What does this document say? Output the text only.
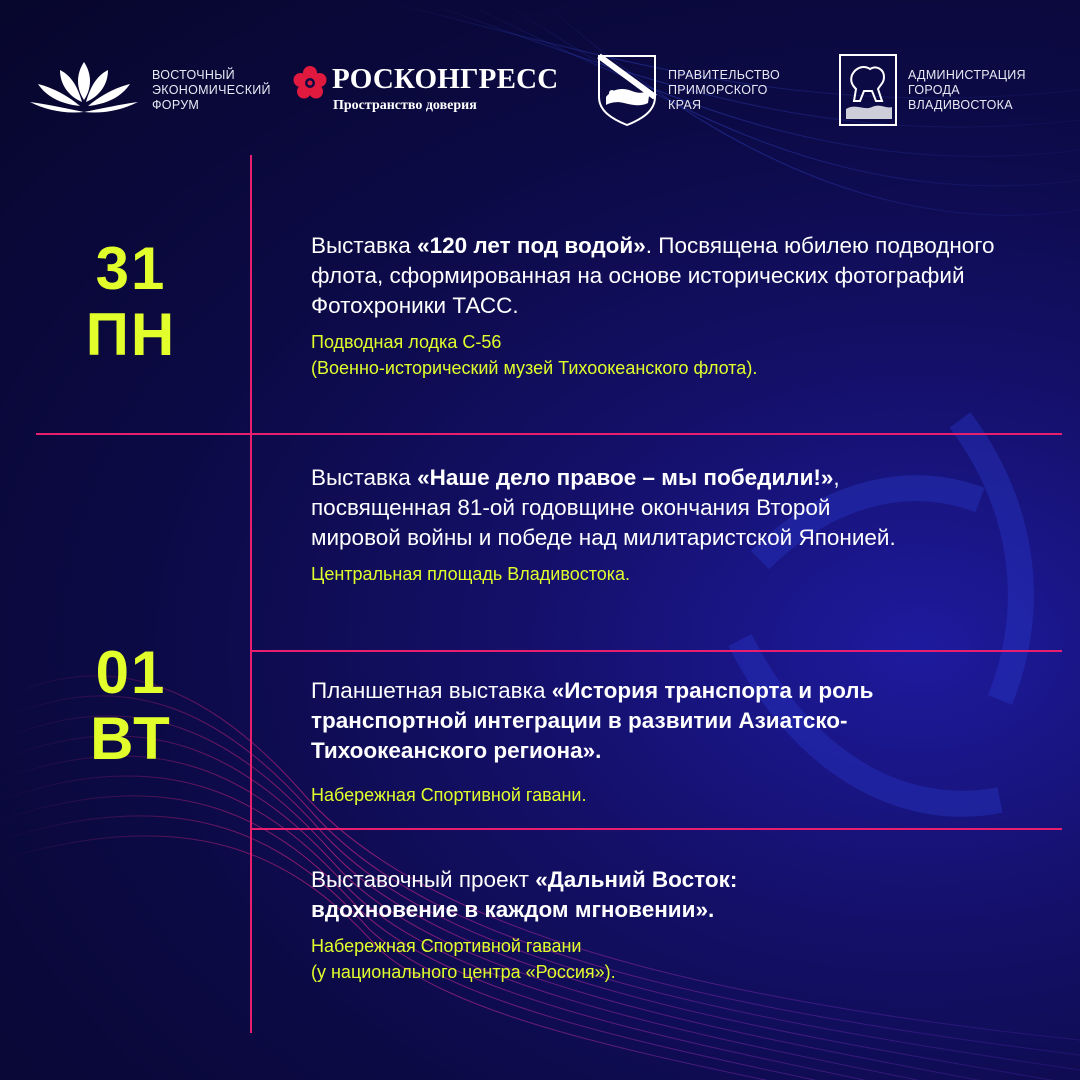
ВОСТОЧНЫЙ
ЭКОНОМИЧЕСКИЙ
ФОРУМ
РОСКОНГРЕСС
Пространство доверия
ПРАВИТЕЛЬСТВО
ПРИМОРСКОГО
КРАЯ
АДМИНИСТРАЦИЯ
ГОРОДА
ВЛАДИВОСТОКА
31
ПН

Выставка «120 лет под водой». Посвящена юбилею подводного флота, сформированная на основе исторических фотографий Фотохроники ТАСС.

Подводная лодка С-56
(Военно-исторический музей Тихоокеанского флота).

01
ВТ

Выставка «Наше дело правое – мы победили!», посвященная 81-ой годовщине окончания Второй мировой войны и победе над милитаристской Японией.

Центральная площадь Владивостока.

Планшетная выставка «История транспорта и роль транспортной интеграции в развитии Азиатско-Тихоокеанского региона».

Набережная Спортивной гавани.

Выставочный проект «Дальний Восток: вдохновение в каждом мгновении».

Набережная Спортивной гавани
(у национального центра «Россия»).
